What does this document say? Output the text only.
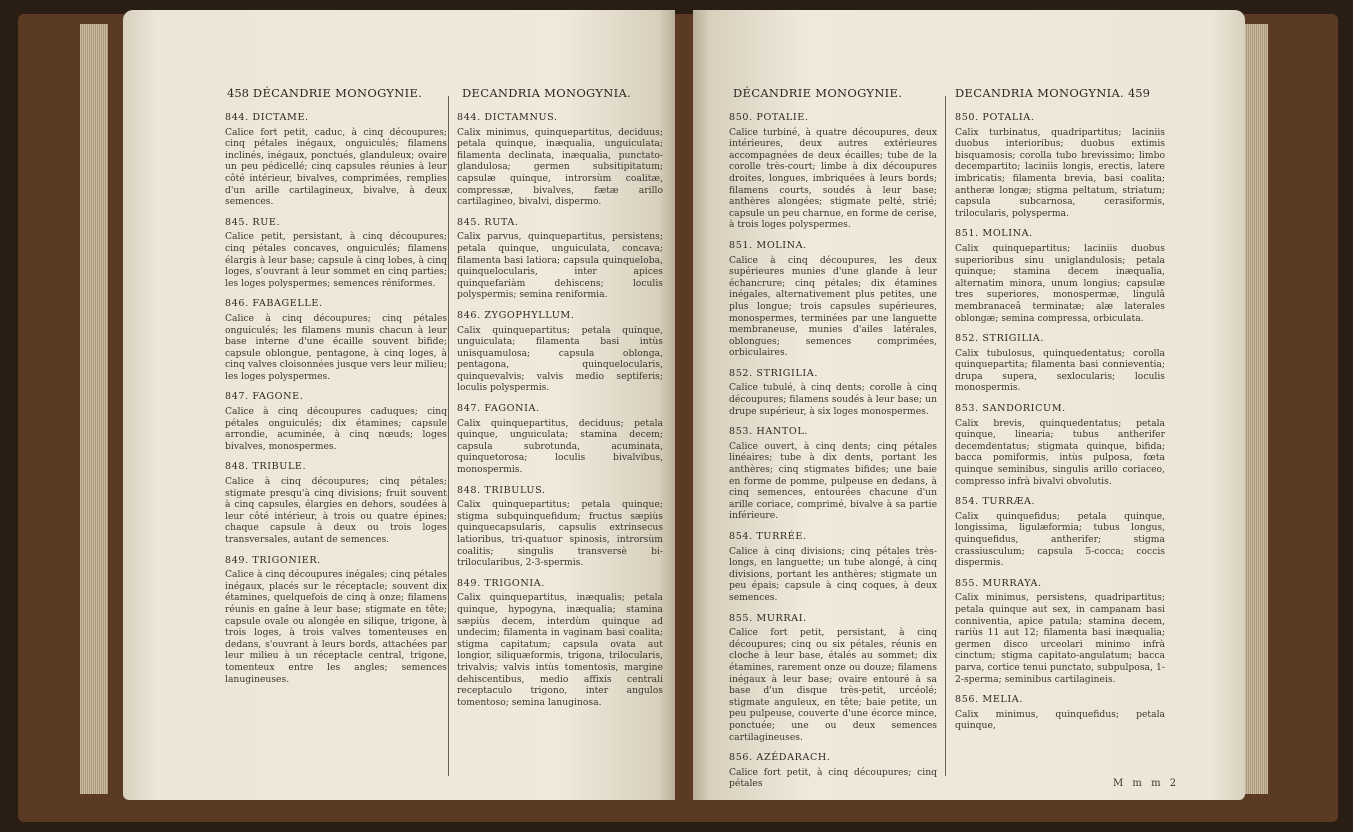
458 DÉCANDRIE MONOGYNIE.	DECANDRIA MONOGYNIA.
844. DICTAME.
Calice fort petit, caduc, à cinq découpures; cinq pétales inégaux, onguiculés; filamens inclinés, inégaux, ponctués, glanduleux; ovaire un peu pédicellé; cinq capsules réunies à leur côté intérieur, bivalves, comprimées, remplies d'un arille cartilagineux, bivalve, à deux semences.
845. RUE.
Calice petit, persistant, à cinq découpures; cinq pétales concaves, onguiculés; filamens élargis à leur base; capsule à cinq lobes, à cinq loges, s'ouvrant à leur sommet en cinq parties; les loges polyspermes; semences réniformes.
846. FABAGELLE.
Calice à cinq découpures; cinq pétales onguiculés; les filamens munis chacun à leur base interne d'une écaille souvent bifide; capsule oblongue, pentagone, à cinq loges, à cinq valves cloisonnées jusque vers leur milieu; les loges polyspermes.
847. FAGONE.
Calice à cinq découpures caduques; cinq pétales onguiculés; dix étamines; capsule arrondie, acuminée, à cinq nœuds; loges bivalves, monospermes.
848. TRIBULE.
Calice à cinq découpures; cinq pétales; stigmate presqu'à cinq divisions; fruit souvent à cinq capsules, élargies en dehors, soudées à leur côté intérieur, à trois ou quatre épines; chaque capsule à deux ou trois loges transversales, autant de semences.
849. TRIGONIER.
Calice à cinq découpures inégales; cinq pétales inégaux, placés sur le réceptacle; souvent dix étamines, quelquefois de cinq à onze; filamens réunis en gaîne à leur base; stigmate en tête; capsule ovale ou alongée en silique, trigone, à trois loges, à trois valves tomenteuses en dedans, s'ouvrant à leurs bords, attachées par leur milieu à un réceptacle central, trigone, tomenteux entre les angles; semences lanugineuses.
844. DICTAMNUS.
Calix minimus, quinquepartitus, deciduus; petala quinque, inæqualia, unguiculata; filamenta declinata, inæqualia, punctato-glandulosa; germen subsitipitatum; capsulæ quinque, introrsùm coalitæ, compressæ, bivalves, fætæ arillo cartilagineo, bivalvi, dispermo.
845. RUTA.
Calix parvus, quinquepartitus, persistens; petala quinque, unguiculata, concava; filamenta basi latiora; capsula quinqueloba, quinquelocularis, inter apices quinquefariàm dehiscens; loculis polyspermis; semina reniformia.
846. ZYGOPHYLLUM.
Calix quinquepartitus; petala quinque, unguiculata; filamenta basi intùs unisquamulosa; capsula oblonga, pentagona, quinquelocularis, quinquevalvis; valvis medio septiferis; loculis polyspermis.
847. FAGONIA.
Calix quinquepartitus, deciduus; petala quinque, unguiculata; stamina decem; capsula subrotunda, acuminata, quinquetorosa; loculis bivalvibus, monospermis.
848. TRIBULUS.
Calix quinquepartitus; petala quinque; stigma subquinquefidum; fructus sæpiùs quinquecapsularis, capsulis extrinsecus latioribus, tri-quatuor spinosis, introrsùm coalitis; singulis transversè bi-trilocularibus, 2-3-spermis.
849. TRIGONIA.
Calix quinquepartitus, inæqualis; petala quinque, hypogyna, inæqualia; stamina sæpiùs decem, interdùm quinque ad undecim; filamenta in vaginam basi coalita; stigma capitatum; capsula ovata aut longior, siliquæformis, trigona, trilocularis, trivalvis; valvis intùs tomentosis, margine dehiscentibus, medio affixis centrali receptaculo trigono, inter angulos tomentoso; semina lanuginosa.
DÉCANDRIE MONOGYNIE.	DECANDRIA MONOGYNIA. 459
850. POTALIE.
Calice turbiné, à quatre découpures, deux intérieures, deux autres extérieures accompagnées de deux écailles; tube de la corolle très-court; limbe à dix découpures droites, longues, imbriquées à leurs bords; filamens courts, soudés à leur base; anthères alongées; stigmate pelté, strié; capsule un peu charnue, en forme de cerise, à trois loges polyspermes.
851. MOLINA.
Calice à cinq découpures, les deux supérieures munies d'une glande à leur échancrure; cinq pétales; dix étamines inégales, alternativement plus petites, une plus longue; trois capsules supérieures, monospermes, terminées par une languette membraneuse, munies d'ailes latérales, oblongues; semences comprimées, orbiculaires.
852. STRIGILIA.
Calice tubulé, à cinq dents; corolle à cinq découpures; filamens soudés à leur base; un drupe supérieur, à six loges monospermes.
853. HANTOL.
Calice ouvert, à cinq dents; cinq pétales linéaires; tube à dix dents, portant les anthères; cinq stigmates bifides; une baie en forme de pomme, pulpeuse en dedans, à cinq semences, entourées chacune d'un arille coriace, comprimé, bivalve à sa partie inférieure.
854. TURRÉE.
Calice à cinq divisions; cinq pétales très-longs, en languette; un tube alongé, à cinq divisions, portant les anthères; stigmate un peu épais; capsule à cinq coques, à deux semences.
855. MURRAI.
Calice fort petit, persistant, à cinq découpures; cinq ou six pétales, réunis en cloche à leur base, étalés au sommet; dix étamines, rarement onze ou douze; filamens inégaux à leur base; ovaire entouré à sa base d'un disque très-petit, urcéolé; stigmate anguleux, en tête; baie petite, un peu pulpeuse, couverte d'une écorce mince, ponctuée; une ou deux semences cartilagineuses.
856. AZÉDARACH.
Calice fort petit, à cinq découpures; cinq pétales
850. POTALIA.
Calix turbinatus, quadripartitus; laciniis duobus interioribus; duobus extimis bisquamosis; corolla tubo brevissimo; limbo decempartito; laciniis longis, erectis, latere imbricatis; filamenta brevia, basi coalita; antheræ longæ; stigma peltatum, striatum; capsula subcarnosa, cerasiformis, trilocularis, polysperma.
851. MOLINA.
Calix quinquepartitus; laciniis duobus superioribus sinu uniglandulosis; petala quinque; stamina decem inæqualia, alternatim minora, unum longius; capsulæ tres superiores, monospermæ, lingulâ membranaceâ terminatæ; alæ laterales oblongæ; semina compressa, orbiculata.
852. STRIGILIA.
Calix tubulosus, quinquedentatus; corolla quinquepartita; filamenta basi connieventia; drupa supera, sexlocularis; loculis monospermis.
853. SANDORICUM.
Calix brevis, quinquedentatus; petala quinque, linearia; tubus antherifer decemdentatus; stigmata quinque, bifida; bacca pomiformis, intùs pulposa, fœta quinque seminibus, singulis arillo coriaceo, compresso infrà bivalvi obvolutis.
854. TURRÆA.
Calix quinquefidus; petala quinque, longissima, ligulæformia; tubus longus, quinquefidus, antherifer; stigma crassiusculum; capsula 5-cocca; coccis dispermis.
855. MURRAYA.
Calix minimus, persistens, quadripartitus; petala quinque aut sex, in campanam basi conniventia, apice patula; stamina decem, rariùs 11 aut 12; filamenta basi inæqualia; germen disco urceolari minimo infrà cinctum; stigma capitato-angulatum; bacca parva, cortice tenui punctato, subpulposa, 1-2-sperma; seminibus cartilagineis.
856. MELIA.
Calix minimus, quinquefidus; petala quinque,
M m m 2
